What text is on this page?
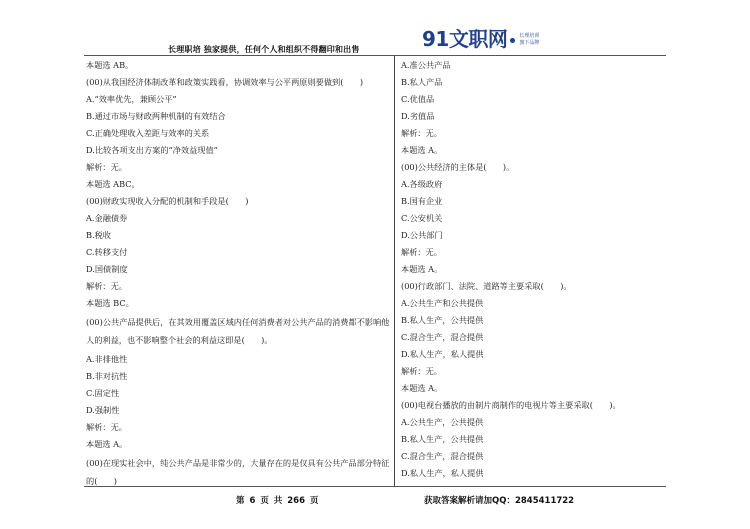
长理职培 独家提供，任何个人和组织不得翻印和出售	91文职网 长理培训
旗下品牌
本题选 AB。
(00)从我国经济体制改革和政策实践看，协调效率与公平两原则要做到(　　)
A.“效率优先，兼顾公平”
B.通过市场与财政两种机制的有效结合
C.正确处理收入差距与效率的关系
D.比较各项支出方案的“净效益现值”
解析：无。
本题选 ABC。
(00)财政实现收入分配的机制和手段是(　　)
A.金融债券
B.税收
C.转移支付
D.国债制度
解析：无。
本题选 BC。
(00)公共产品提供后，在其效用覆盖区域内任何消费者对公共产品的消费都不影响他人的利益，也不影响整个社会的利益这即是(　　)。
A.非排他性
B.非对抗性
C.固定性
D.强制性
解析：无。
本题选 A。
(00)在现实社会中，纯公共产品是非常少的，大量存在的是仅具有公共产品部分特征的(　　)
A.准公共产品
B.私人产品
C.优值品
D.劣值品
解析：无。
本题选 A。
(00)公共经济的主体是(　　)。
A.各级政府
B.国有企业
C.公安机关
D.公共部门
解析：无。
本题选 A。
(00)行政部门、法院、道路等主要采取(　　)。
A.公共生产和公共提供
B.私人生产，公共提供
C.混合生产，混合提供
D.私人生产，私人提供
解析：无。
本题选 A。
(00)电视台播放的由制片商制作的电视片等主要采取(　　)。
A.公共生产，公共提供
B.私人生产，公共提供
C.混合生产，混合提供
D.私人生产，私人提供
第 6 页 共 266 页	获取答案解析请加QQ：2845411722
